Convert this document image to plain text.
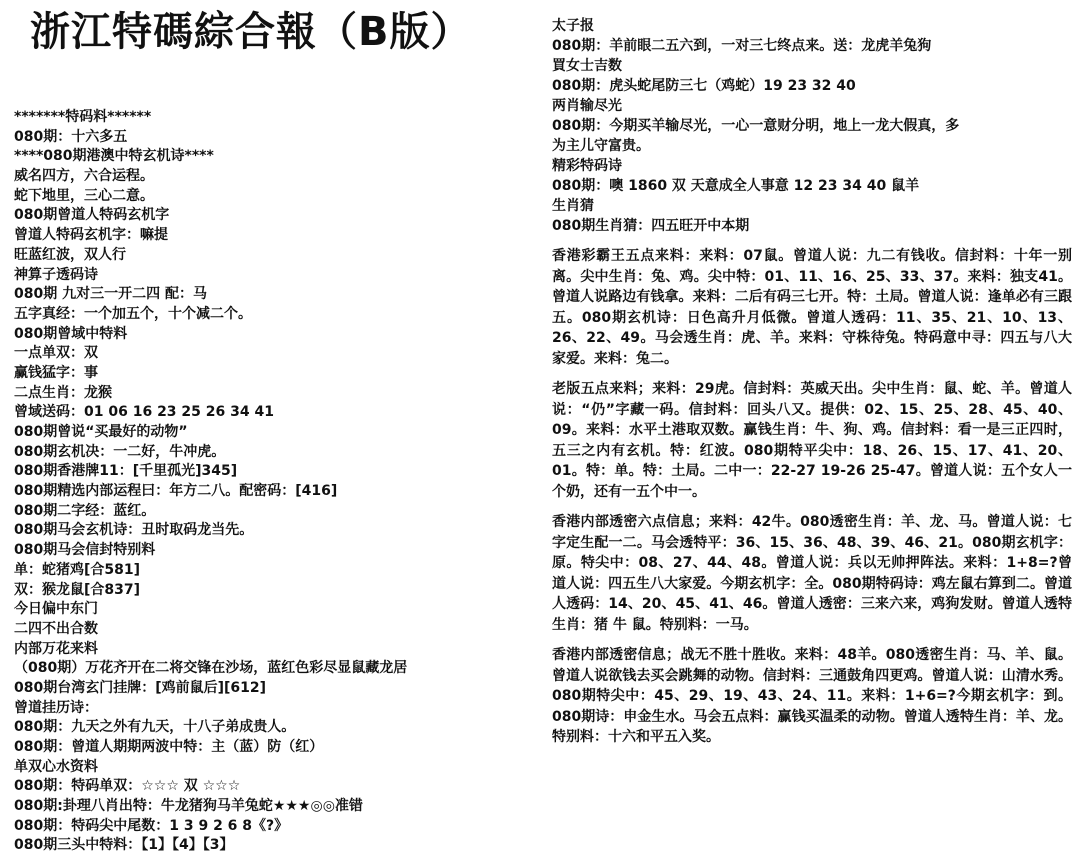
浙江特碼綜合報（B版）
*******特码料******
080期：十六多五
****080期港澳中特玄机诗****
威名四方，六合运程。
蛇下地里，三心二意。
080期曾道人特码玄机字
曾道人特码玄机字：嘛提
旺蓝红波，双人行
神算子透码诗
080期 九对三一开二四 配：马
五字真经：一个加五个，十个减二个。
080期曾域中特料
一点单双：双
赢钱猛字：事
二点生肖：龙猴
曾域送码：01 06 16 23 25 26 34 41
080期曾说“买最好的动物”
080期玄机决：一二好，牛冲虎。
080期香港牌11：[千里孤光]345]
080期精选内部运程曰：年方二八。配密码：[416]
080期二字经：蓝红。
080期马会玄机诗：丑时取码龙当先。
080期马会信封特别料
单：蛇猪鸡[合581]
双：猴龙鼠[合837]
今日偏中东门
二四不出合数
内部万花来料
（080期）万花齐开在二将交锋在沙场，蓝红色彩尽显鼠藏龙居
080期台湾玄门挂牌：[鸡前鼠后][612]
曾道挂历诗：
080期：九天之外有九天，十八子弟成贵人。
080期：曾道人期期两波中特：主（蓝）防（红）
单双心水资料
080期：特码单双：☆☆☆ 双 ☆☆☆
080期:卦理八肖出特：牛龙猪狗马羊兔蛇★★★◎◎准错
080期：特码尖中尾数：1 3 9 2 6 8《?》
080期三头中特料：【1】【4】【3】
太子报
080期：羊前眼二五六到，一对三七终点来。送：龙虎羊兔狗
買女士吉数
080期：虎头蛇尾防三七（鸡蛇）19 23 32 40
两肖输尽光
080期：今期买羊输尽光，一心一意财分明，地上一龙大假真，多
为主儿守富贵。
精彩特码诗
080期：噢 1860 双 天意成全人事意 12 23 34 40 鼠羊
生肖猜
080期生肖猜：四五旺开中本期
香港彩霸王五点来料：来料：07鼠。曾道人说：九二有钱收。信封料：十年一别离。尖中生肖：兔、鸡。尖中特：01、11、16、25、33、37。来料：独支41。曾道人说路边有钱拿。来料：二后有码三七开。特：土局。曾道人说：逢单必有三跟五。080期玄机诗：日色高升月低微。曾道人透码：11、35、21、10、13、26、22、49。马会透生肖：虎、羊。来料：守株待兔。特码意中寻：四五与八大家爱。来料：兔二。
老版五点来料；来料：29虎。信封料：英威天出。尖中生肖：鼠、蛇、羊。曾道人说：“仍”字藏一码。信封料：回头八又。提供：02、15、25、28、45、40、09。来料：水平土港取双数。赢钱生肖：牛、狗、鸡。信封料：看一是三正四时，五三之内有玄机。特：红波。080期特平尖中：18、26、15、17、41、20、01。特：单。特：土局。二中一：22-27 19-26 25-47。曾道人说：五个女人一个奶，还有一五个中一。
香港内部透密六点信息；来料：42牛。080透密生肖：羊、龙、马。曾道人说：七字定生配一二。马会透特平：36、15、36、48、39、46、21。080期玄机字：原。特尖中：08、27、44、48。曾道人说：兵以无帅押阵法。来料：1+8=?曾道人说：四五生八大家爱。今期玄机字：全。080期特码诗：鸡左鼠右算到二。曾道人透码：14、20、45、41、46。曾道人透密：三来六来，鸡狗发财。曾道人透特生肖：猪 牛 鼠。特别料：一马。
香港内部透密信息；战无不胜十胜收。来料：48羊。080透密生肖：马、羊、鼠。曾道人说欲钱去买会跳舞的动物。信封料：三通鼓角四更鸡。曾道人说：山清水秀。080期特尖中：45、29、19、43、24、11。来料：1+6=?今期玄机字：到。080期诗：申金生水。马会五点料：赢钱买温柔的动物。曾道人透特生肖：羊、龙。特别料：十六和平五入奖。
